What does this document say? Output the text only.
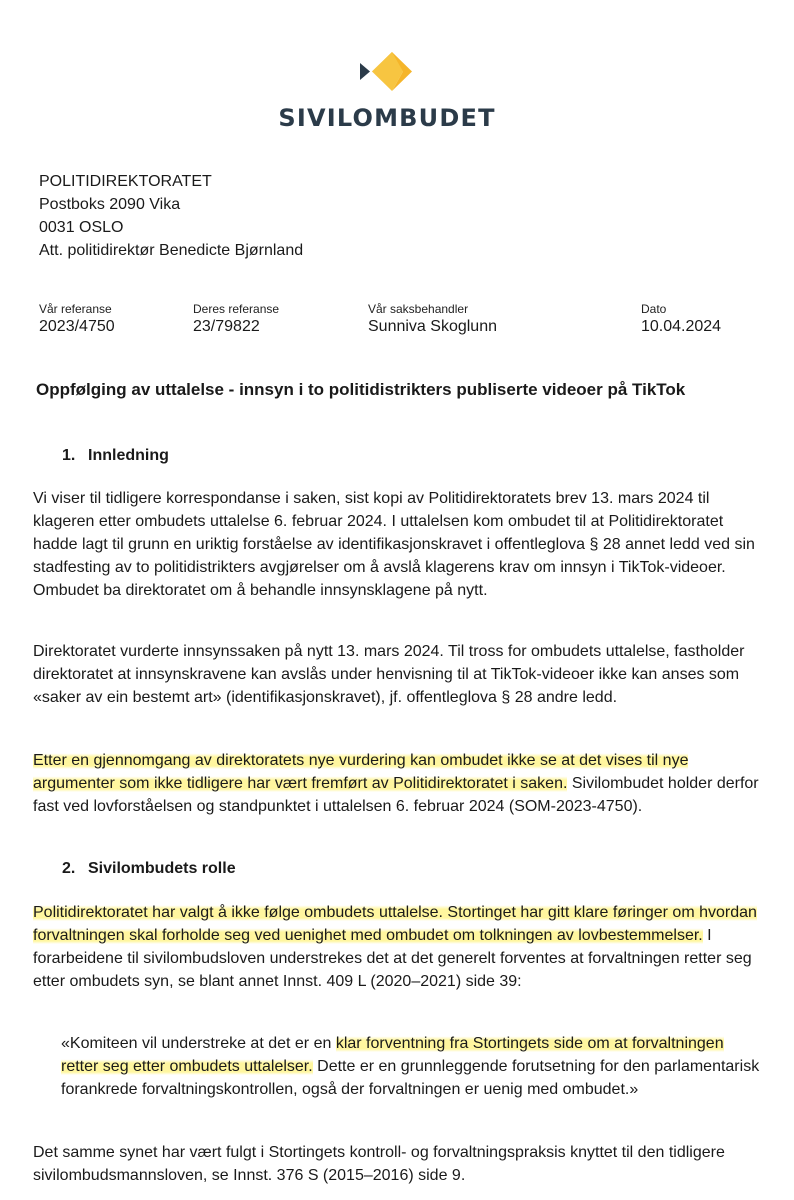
SIVILOMBUDET
POLITIDIREKTORATET
Postboks 2090 Vika
0031 OSLO
Att. politidirektør Benedicte Bjørnland
Vår referanse
2023/4750
Deres referanse
23/79822
Vår saksbehandler
Sunniva Skoglunn
Dato
10.04.2024
Oppfølging av uttalelse - innsyn i to politidistrikters publiserte videoer på TikTok
1. Innledning
Vi viser til tidligere korrespondanse i saken, sist kopi av Politidirektoratets brev 13. mars 2024 til klageren etter ombudets uttalelse 6. februar 2024. I uttalelsen kom ombudet til at Politidirektoratet hadde lagt til grunn en uriktig forståelse av identifikasjonskravet i offentleglova § 28 annet ledd ved sin stadfesting av to politidistrikters avgjørelser om å avslå klagerens krav om innsyn i TikTok-videoer. Ombudet ba direktoratet om å behandle innsynsklagene på nytt.
Direktoratet vurderte innsynssaken på nytt 13. mars 2024. Til tross for ombudets uttalelse, fastholder direktoratet at innsynskravene kan avslås under henvisning til at TikTok-videoer ikke kan anses som «saker av ein bestemt art» (identifikasjonskravet), jf. offentleglova § 28 andre ledd.
Etter en gjennomgang av direktoratets nye vurdering kan ombudet ikke se at det vises til nye argumenter som ikke tidligere har vært fremført av Politidirektoratet i saken. Sivilombudet holder derfor fast ved lovforståelsen og standpunktet i uttalelsen 6. februar 2024 (SOM-2023-4750).
2. Sivilombudets rolle
Politidirektoratet har valgt å ikke følge ombudets uttalelse. Stortinget har gitt klare føringer om hvordan forvaltningen skal forholde seg ved uenighet med ombudet om tolkningen av lovbestemmelser. I forarbeidene til sivilombudsloven understrekes det at det generelt forventes at forvaltningen retter seg etter ombudets syn, se blant annet Innst. 409 L (2020–2021) side 39:
«Komiteen vil understreke at det er en klar forventning fra Stortingets side om at forvaltningen retter seg etter ombudets uttalelser. Dette er en grunnleggende forutsetning for den parlamentarisk forankrede forvaltningskontrollen, også der forvaltningen er uenig med ombudet.»
Det samme synet har vært fulgt i Stortingets kontroll- og forvaltningspraksis knyttet til den tidligere sivilombudsmannsloven, se Innst. 376 S (2015–2016) side 9.
